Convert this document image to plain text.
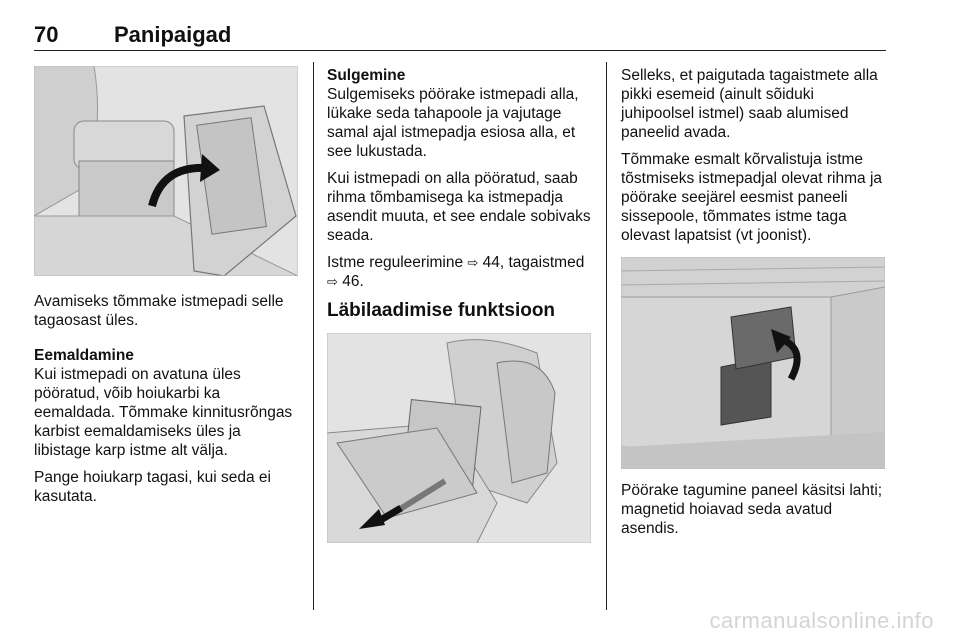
70	Panipaigad

Avamiseks tõmmake istmepadi selle tagaosast üles.

Eemaldamine

Kui istmepadi on avatuna üles pööratud, võib hoiukarbi ka eemaldada. Tõmmake kinnitusrõngas karbist eemaldamiseks üles ja libistage karp istme alt välja.

Pange hoiukarp tagasi, kui seda ei kasutata.

Sulgemine

Sulgemiseks pöörake istmepadi alla, lükake seda tahapoole ja vajutage samal ajal istmepadja esiosa alla, et see lukustada.

Kui istmepadi on alla pööratud, saab rihma tõmbamisega ka istmepadja asendit muuta, et see endale sobivaks seada.

Istme reguleerimine ⇨ 44, tagaistmed ⇨ 46.

Läbilaadimise funktsioon

Selleks, et paigutada tagaistmete alla pikki esemeid (ainult sõiduki juhipoolsel istmel) saab alumised paneelid avada.

Tõmmake esmalt kõrvalistuja istme tõstmiseks istmepadjal olevat rihma ja pöörake seejärel eesmist paneeli sissepoole, tõmmates istme taga olevast lapatsist (vt joonist).

Pöörake tagumine paneel käsitsi lahti; magnetid hoiavad seda avatud asendis.

carmanualsonline.info
